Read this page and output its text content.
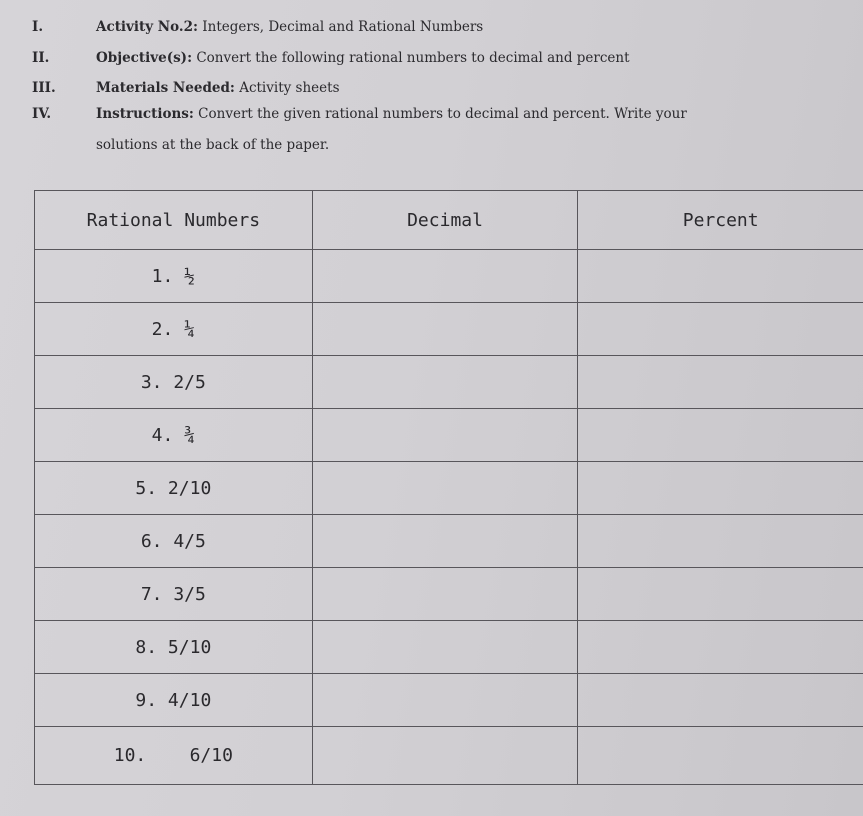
I.	Activity No.2: Integers, Decimal and Rational Numbers
II.	Objective(s): Convert the following rational numbers to decimal and percent
III.	Materials Needed: Activity sheets
IV.	Instructions: Convert the given rational numbers to decimal and percent. Write your
solutions at the back of the paper.
Rational Numbers	Decimal	Percent
1. ½		
2. ¼		
3. 2/5		
4. ¾		
5. 2/10		
6. 4/5		
7. 3/5		
8. 5/10		
9. 4/10		
10.    6/10		
